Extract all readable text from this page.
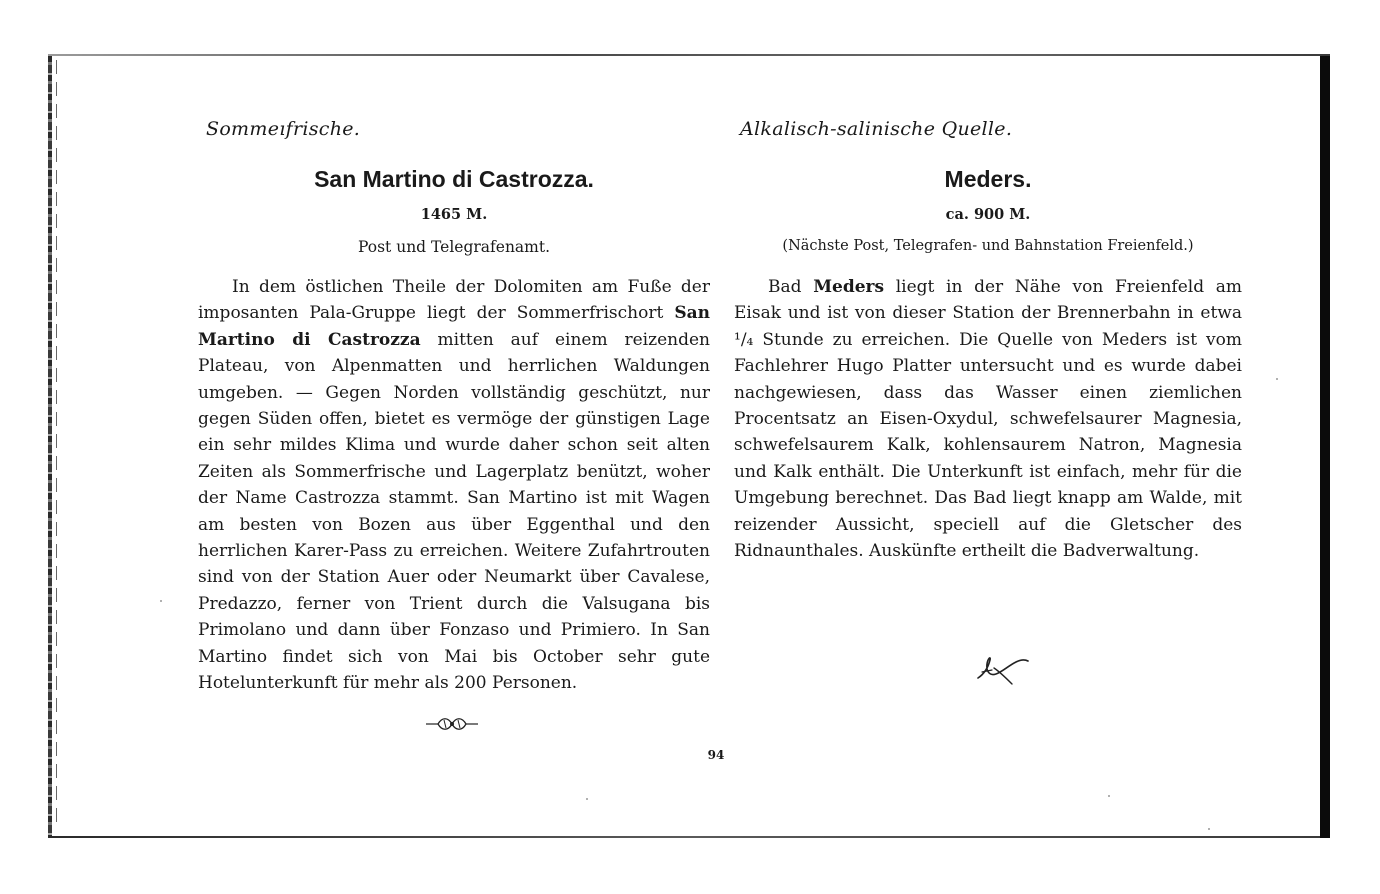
Sommeıfrische.

San Martino di Castrozza.

1465 M.

Post und Telegrafenamt.

In dem östlichen Theile der Dolomiten am Fuße der imposanten Pala-Gruppe liegt der Sommerfrischort San Martino di Castrozza mitten auf einem reizenden Plateau, von Alpenmatten und herrlichen Waldungen umgeben. — Gegen Norden vollständig geschützt, nur gegen Süden offen, bietet es vermöge der günstigen Lage ein sehr mildes Klima und wurde daher schon seit alten Zeiten als Sommerfrische und Lagerplatz benützt, woher der Name Castrozza stammt. San Martino ist mit Wagen am besten von Bozen aus über Eggenthal und den herrlichen Karer-Pass zu erreichen. Weitere Zufahrtrouten sind von der Station Auer oder Neumarkt über Cavalese, Predazzo, ferner von Trient durch die Valsugana bis Primolano und dann über Fonzaso und Primiero. In San Martino findet sich von Mai bis October sehr gute Hotelunterkunft für mehr als 200 Personen.

Alkalisch-salinische Quelle.

Meders.

ca. 900 M.

(Nächste Post, Telegrafen- und Bahnstation Freienfeld.)

Bad Meders liegt in der Nähe von Freienfeld am Eisak und ist von dieser Station der Brennerbahn in etwa ¹/₄ Stunde zu erreichen. Die Quelle von Meders ist vom Fachlehrer Hugo Platter untersucht und es wurde dabei nachgewiesen, dass das Wasser einen ziemlichen Procentsatz an Eisen-Oxydul, schwefelsaurer Magnesia, schwefelsaurem Kalk, kohlensaurem Natron, Magnesia und Kalk enthält. Die Unterkunft ist einfach, mehr für die Umgebung berechnet. Das Bad liegt knapp am Walde, mit reizender Aussicht, speciell auf die Gletscher des Ridnaunthales. Auskünfte ertheilt die Badverwaltung.

94
